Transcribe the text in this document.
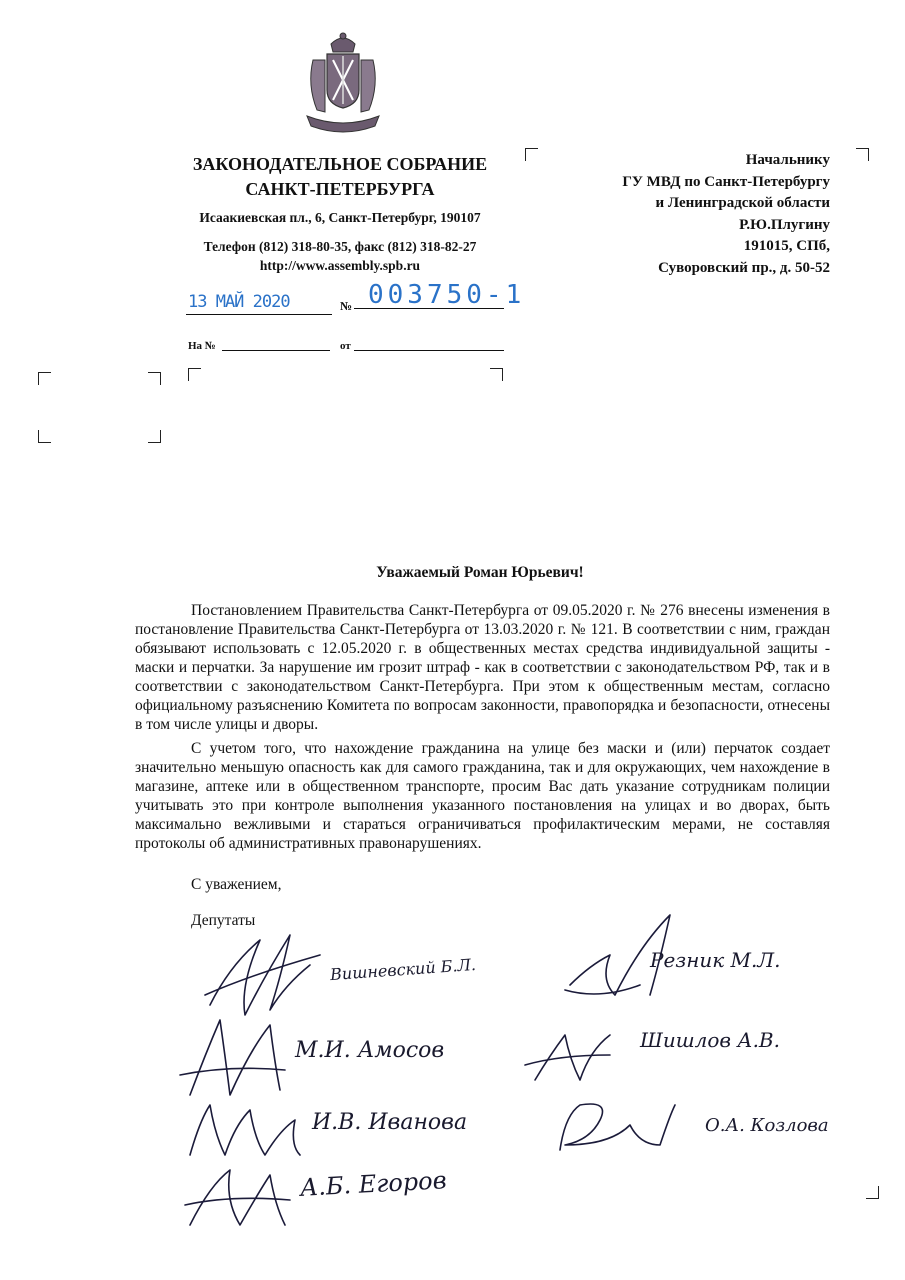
ЗАКОНОДАТЕЛЬНОЕ СОБРАНИЕ
САНКТ-ПЕТЕРБУРГА
Исаакиевская пл., 6, Санкт-Петербург, 190107
Телефон (812) 318-80-35, факс (812) 318-82-27
http://www.assembly.spb.ru
13 МАЙ 2020	№ 003750-1
На №	от
Начальнику
ГУ МВД по Санкт-Петербургу
и Ленинградской области
Р.Ю.Плугину
191015, СПб,
Суворовский пр., д. 50-52
Уважаемый Роман Юрьевич!
Постановлением Правительства Санкт-Петербурга от 09.05.2020 г. № 276 внесены изменения в постановление Правительства Санкт-Петербурга от 13.03.2020 г. № 121. В соответствии с ним, граждан обязывают использовать с 12.05.2020 г. в общественных местах средства индивидуальной защиты - маски и перчатки. За нарушение им грозит штраф - как в соответствии с законодательством РФ, так и в соответствии с законодательством Санкт-Петербурга. При этом к общественным местам, согласно официальному разъяснению Комитета по вопросам законности, правопорядка и безопасности, отнесены в том числе улицы и дворы.
С учетом того, что нахождение гражданина на улице без маски и (или) перчаток создает значительно меньшую опасность как для самого гражданина, так и для окружающих, чем нахождение в магазине, аптеке или в общественном транспорте, просим Вас дать указание сотрудникам полиции учитывать это при контроле выполнения указанного постановления на улицах и во дворах, быть максимально вежливыми и стараться ограничиваться профилактическим мерами, не составляя протоколы об административных правонарушениях.
С уважением,
Депутаты
Вишневский Б.Л.	Резник М.Л.
М.И. Амосов	Шишлов А.В.
И.В. Иванова	О.А. Козлова
А.Б. Егоров
